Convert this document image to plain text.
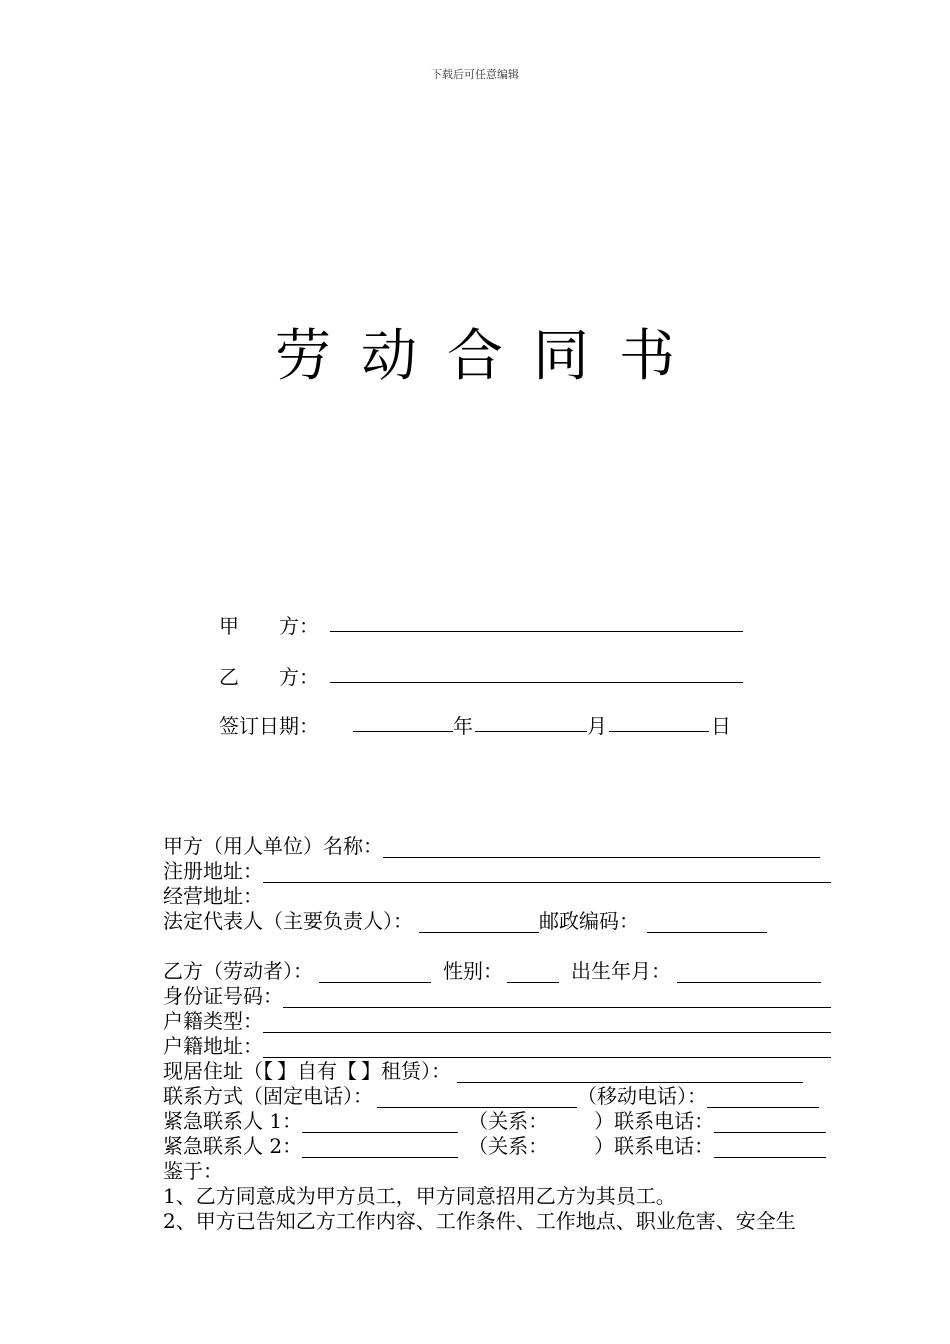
下载后可任意编辑
劳动合同书
甲　　方：
乙　　方：
签订日期：	年	月	日
甲方（用人单位）名称：
注册地址：
经营地址：
法定代表人（主要负责人）：	邮政编码：
乙方（劳动者）：	性别：	出生年月：
身份证号码：
户籍类型：
户籍地址：
现居住址（【 】自有【 】租赁）：
联系方式（固定电话）：	（移动电话）：
紧急联系人 1：	（关系： ）联系电话：
紧急联系人 2：	（关系： ）联系电话：
鉴于：
1、乙方同意成为甲方员工，甲方同意招用乙方为其员工。
2、甲方已告知乙方工作内容、工作条件、工作地点、职业危害、安全生
